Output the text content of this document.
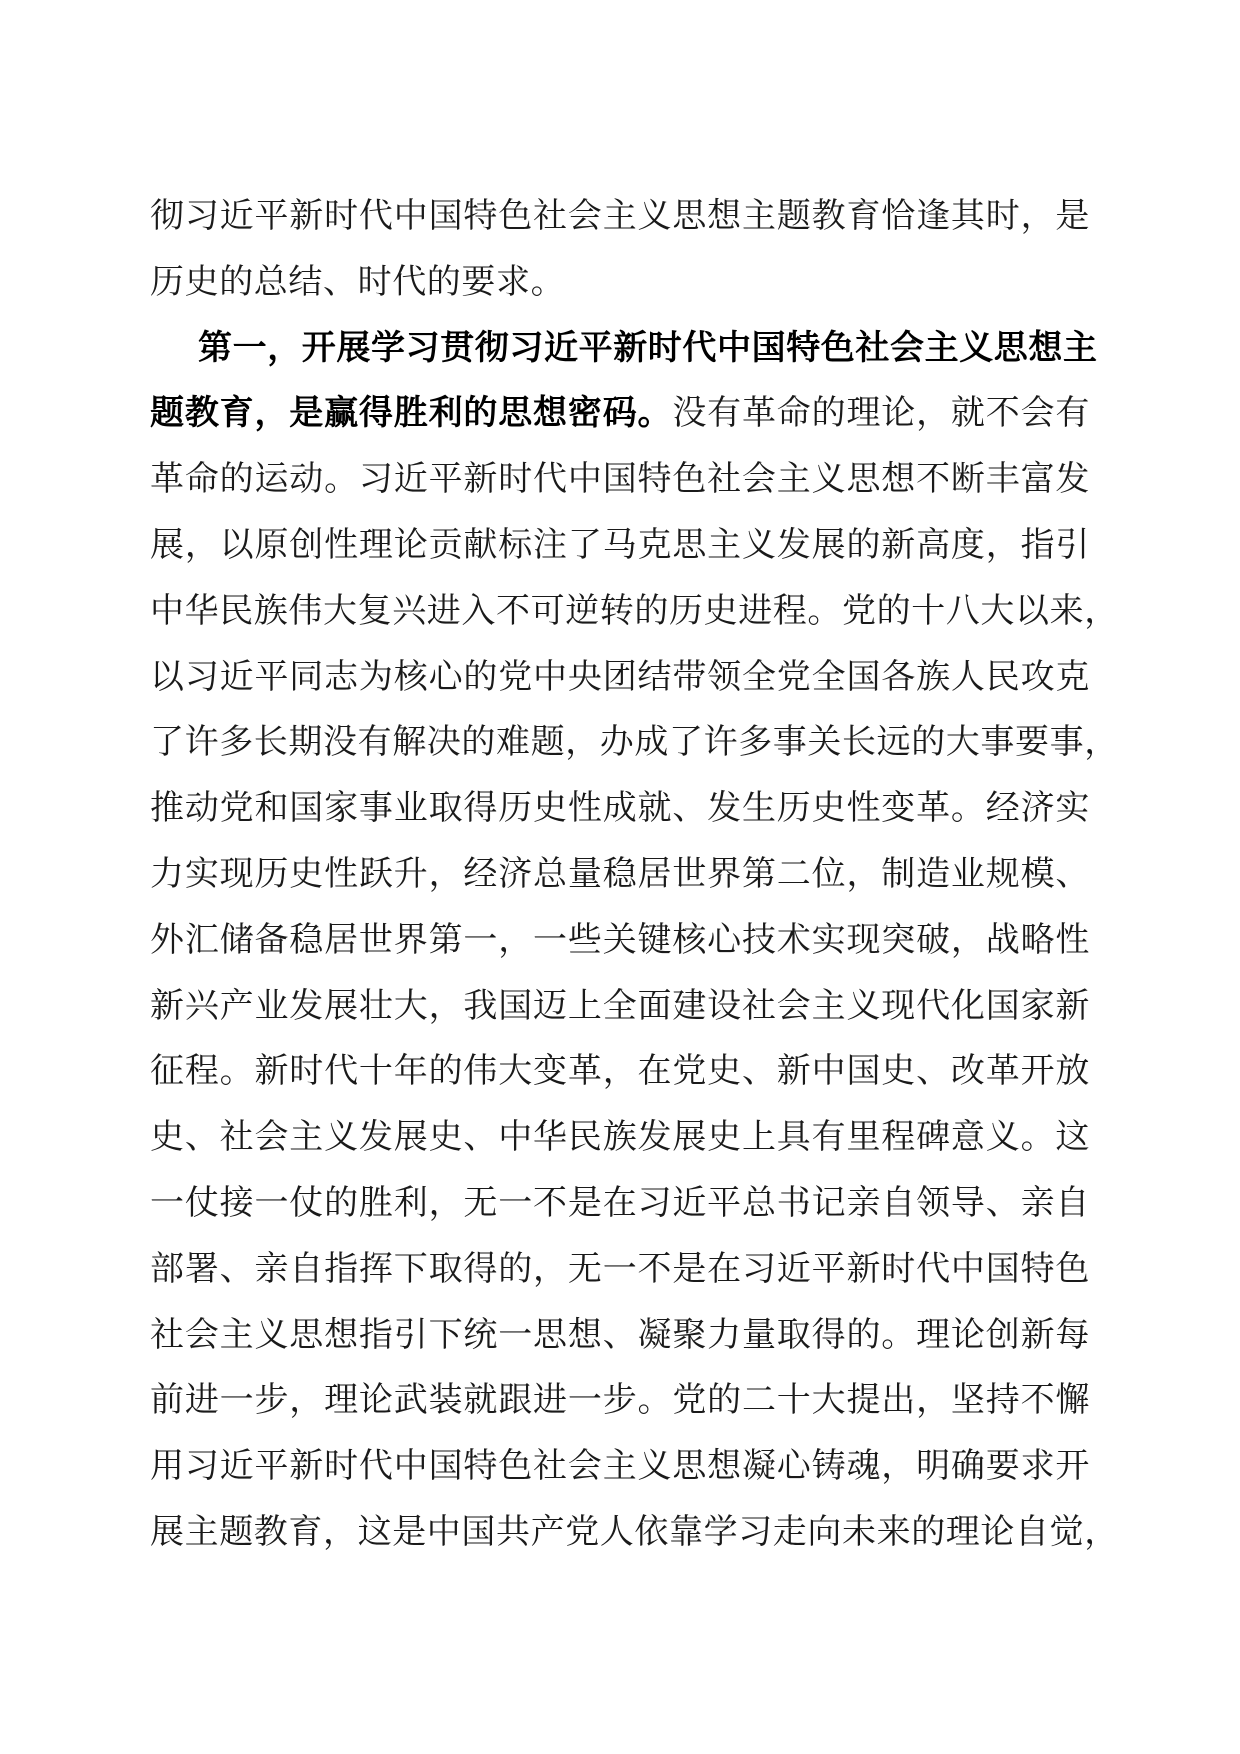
彻习近平新时代中国特色社会主义思想主题教育恰逢其时，是
历史的总结、时代的要求。
第一，开展学习贯彻习近平新时代中国特色社会主义思想主
题教育，是赢得胜利的思想密码。没有革命的理论，就不会有
革命的运动。习近平新时代中国特色社会主义思想不断丰富发
展，以原创性理论贡献标注了马克思主义发展的新高度，指引
中华民族伟大复兴进入不可逆转的历史进程。党的十八大以来，
以习近平同志为核心的党中央团结带领全党全国各族人民攻克
了许多长期没有解决的难题，办成了许多事关长远的大事要事，
推动党和国家事业取得历史性成就、发生历史性变革。经济实
力实现历史性跃升，经济总量稳居世界第二位，制造业规模、
外汇储备稳居世界第一，一些关键核心技术实现突破，战略性
新兴产业发展壮大，我国迈上全面建设社会主义现代化国家新
征程。新时代十年的伟大变革，在党史、新中国史、改革开放
史、社会主义发展史、中华民族发展史上具有里程碑意义。这
一仗接一仗的胜利，无一不是在习近平总书记亲自领导、亲自
部署、亲自指挥下取得的，无一不是在习近平新时代中国特色
社会主义思想指引下统一思想、凝聚力量取得的。理论创新每
前进一步，理论武装就跟进一步。党的二十大提出，坚持不懈
用习近平新时代中国特色社会主义思想凝心铸魂，明确要求开
展主题教育，这是中国共产党人依靠学习走向未来的理论自觉，
